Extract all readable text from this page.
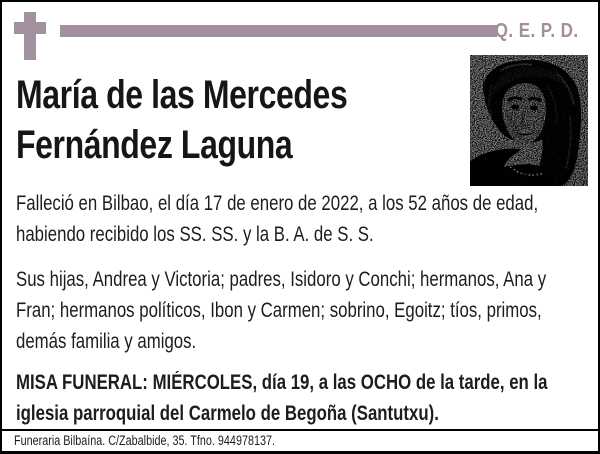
Q. E. P. D.
María de las Mercedes Fernández Laguna

Falleció en Bilbao, el día 17 de enero de 2022, a los 52 años de edad, habiendo recibido los SS. SS. y la B. A. de S. S.

Sus hijas, Andrea y Victoria; padres, Isidoro y Conchi; hermanos, Ana y Fran; hermanos políticos, Ibon y Carmen; sobrino, Egoitz; tíos, primos, demás familia y amigos.

MISA FUNERAL: MIÉRCOLES, día 19, a las OCHO de la tarde, en la iglesia parroquial del Carmelo de Begoña (Santutxu).

Funeraria Bilbaína. C/Zabalbide, 35. Tfno. 944978137.
